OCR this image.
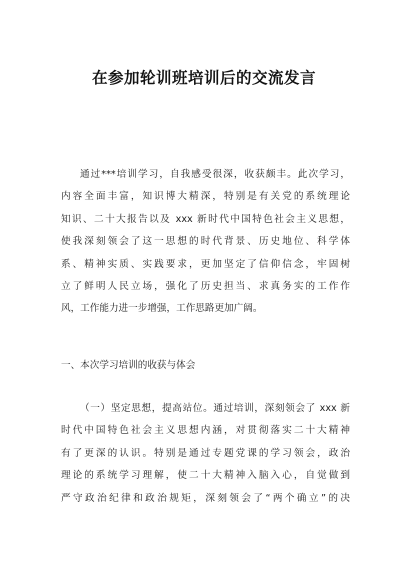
在参加轮训班培训后的交流发言
通过***培训学习，自我感受很深，收获颇丰。此次学习，
内容全面丰富，知识博大精深，特别是有关党的系统理论
知识、二十大报告以及 xxx 新时代中国特色社会主义思想，
使我深刻领会了这一思想的时代背景、历史地位、科学体
系、精神实质、实践要求，更加坚定了信仰信念，牢固树
立了鲜明人民立场，强化了历史担当、求真务实的工作作
风，工作能力进一步增强，工作思路更加广阔。
一、本次学习培训的收获与体会
（一）坚定思想，提高站位。通过培训，深刻领会了 xxx 新
时代中国特色社会主义思想内涵，对贯彻落实二十大精神
有了更深的认识。特别是通过专题党课的学习领会，政治
理论的系统学习理解，使二十大精神入脑入心，自觉做到
严守政治纪律和政治规矩，深刻领会了“两个确立”的决
